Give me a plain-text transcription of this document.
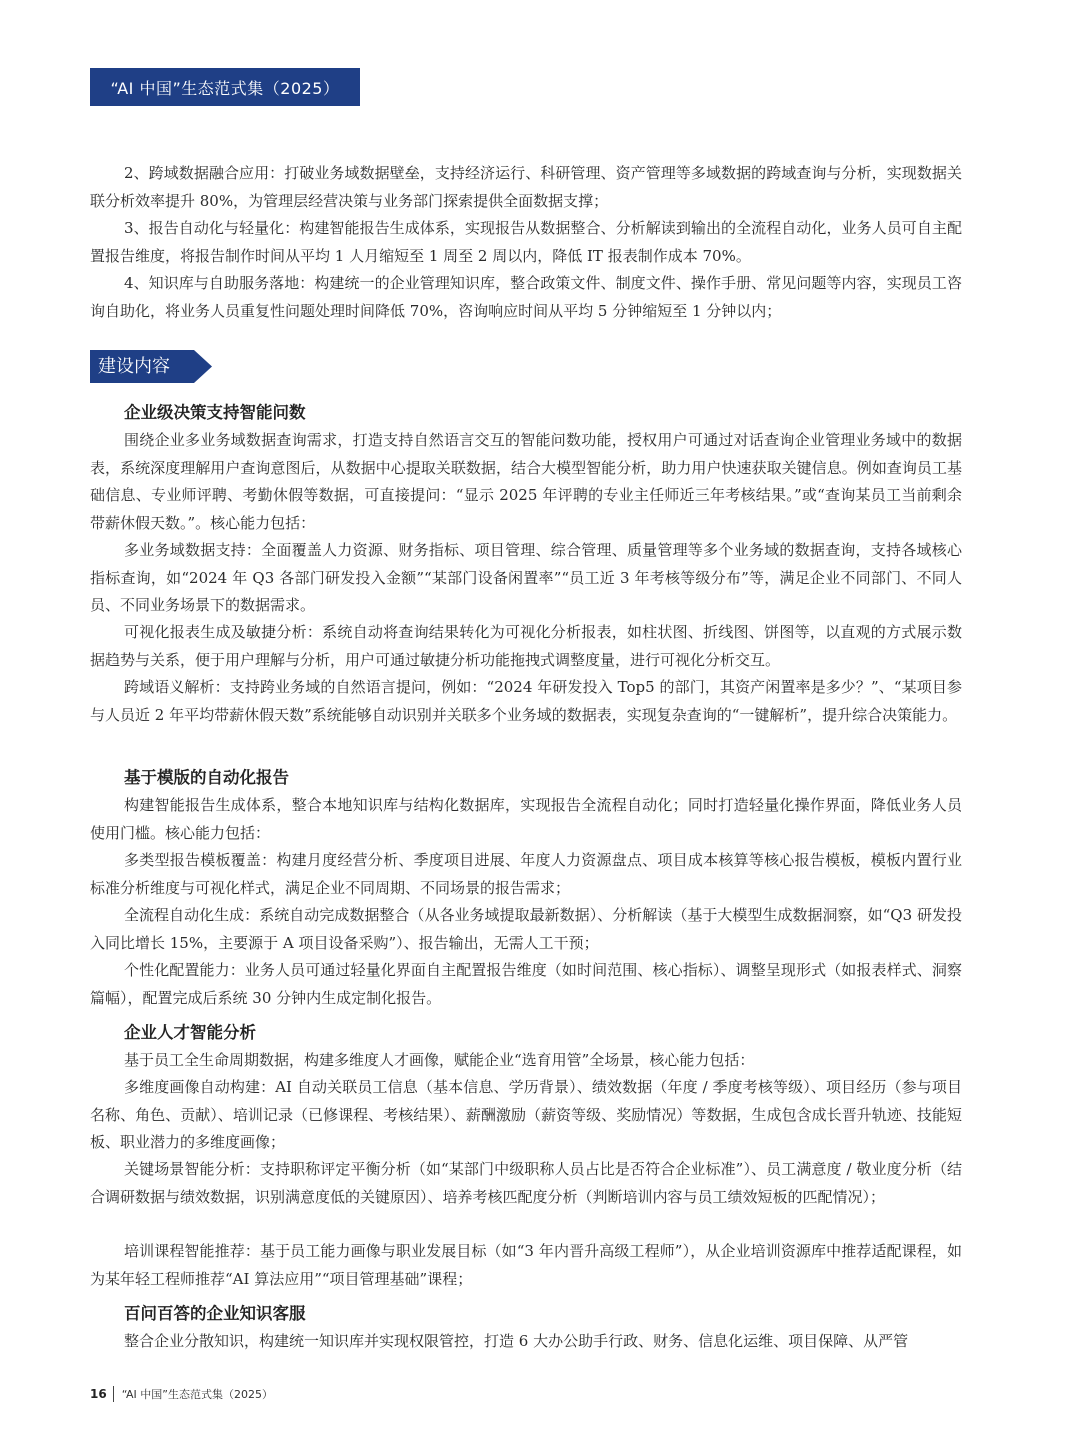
“AI 中国”生态范式集（2025）

2、跨域数据融合应用：打破业务域数据壁垒，支持经济运行、科研管理、资产管理等多域数据的跨域查询与分析，实现数据关联分析效率提升 80%，为管理层经营决策与业务部门探索提供全面数据支撑；

3、报告自动化与轻量化：构建智能报告生成体系，实现报告从数据整合、分析解读到输出的全流程自动化，业务人员可自主配置报告维度，将报告制作时间从平均 1 人月缩短至 1 周至 2 周以内，降低 IT 报表制作成本 70%。

4、知识库与自助服务落地：构建统一的企业管理知识库，整合政策文件、制度文件、操作手册、常见问题等内容，实现员工咨询自助化，将业务人员重复性问题处理时间降低 70%，咨询响应时间从平均 5 分钟缩短至 1 分钟以内；

建设内容
企业级决策支持智能问数

围绕企业多业务域数据查询需求，打造支持自然语言交互的智能问数功能，授权用户可通过对话查询企业管理业务域中的数据表，系统深度理解用户查询意图后，从数据中心提取关联数据，结合大模型智能分析，助力用户快速获取关键信息。例如查询员工基础信息、专业师评聘、考勤休假等数据，可直接提问：“显示 2025 年评聘的专业主任师近三年考核结果。”或“查询某员工当前剩余带薪休假天数。”。核心能力包括：

多业务域数据支持：全面覆盖人力资源、财务指标、项目管理、综合管理、质量管理等多个业务域的数据查询，支持各域核心指标查询，如“2024 年 Q3 各部门研发投入金额”“某部门设备闲置率”“员工近 3 年考核等级分布”等，满足企业不同部门、不同人员、不同业务场景下的数据需求。

可视化报表生成及敏捷分析：系统自动将查询结果转化为可视化分析报表，如柱状图、折线图、饼图等，以直观的方式展示数据趋势与关系，便于用户理解与分析，用户可通过敏捷分析功能拖拽式调整度量，进行可视化分析交互。

跨域语义解析：支持跨业务域的自然语言提问，例如：“2024 年研发投入 Top5 的部门，其资产闲置率是多少？”、“某项目参与人员近 2 年平均带薪休假天数”系统能够自动识别并关联多个业务域的数据表，实现复杂查询的“一键解析”，提升综合决策能力。

基于模版的自动化报告

构建智能报告生成体系，整合本地知识库与结构化数据库，实现报告全流程自动化；同时打造轻量化操作界面，降低业务人员使用门槛。核心能力包括：

多类型报告模板覆盖：构建月度经营分析、季度项目进展、年度人力资源盘点、项目成本核算等核心报告模板，模板内置行业标准分析维度与可视化样式，满足企业不同周期、不同场景的报告需求；

全流程自动化生成：系统自动完成数据整合（从各业务域提取最新数据）、分析解读（基于大模型生成数据洞察，如“Q3 研发投入同比增长 15%，主要源于 A 项目设备采购”）、报告输出，无需人工干预；

个性化配置能力：业务人员可通过轻量化界面自主配置报告维度（如时间范围、核心指标）、调整呈现形式（如报表样式、洞察篇幅），配置完成后系统 30 分钟内生成定制化报告。

企业人才智能分析

基于员工全生命周期数据，构建多维度人才画像，赋能企业“选育用管”全场景，核心能力包括：

多维度画像自动构建：AI 自动关联员工信息（基本信息、学历背景）、绩效数据（年度 / 季度考核等级）、项目经历（参与项目名称、角色、贡献）、培训记录（已修课程、考核结果）、薪酬激励（薪资等级、奖励情况）等数据，生成包含成长晋升轨迹、技能短板、职业潜力的多维度画像；

关键场景智能分析：支持职称评定平衡分析（如“某部门中级职称人员占比是否符合企业标准”）、员工满意度 / 敬业度分析（结合调研数据与绩效数据，识别满意度低的关键原因）、培养考核匹配度分析（判断培训内容与员工绩效短板的匹配情况）；

培训课程智能推荐：基于员工能力画像与职业发展目标（如“3 年内晋升高级工程师”），从企业培训资源库中推荐适配课程，如为某年轻工程师推荐“AI 算法应用”“项目管理基础”课程；

百问百答的企业知识客服

整合企业分散知识，构建统一知识库并实现权限管控，打造 6 大办公助手行政、财务、信息化运维、项目保障、从严管

16 “AI 中国”生态范式集（2025）
